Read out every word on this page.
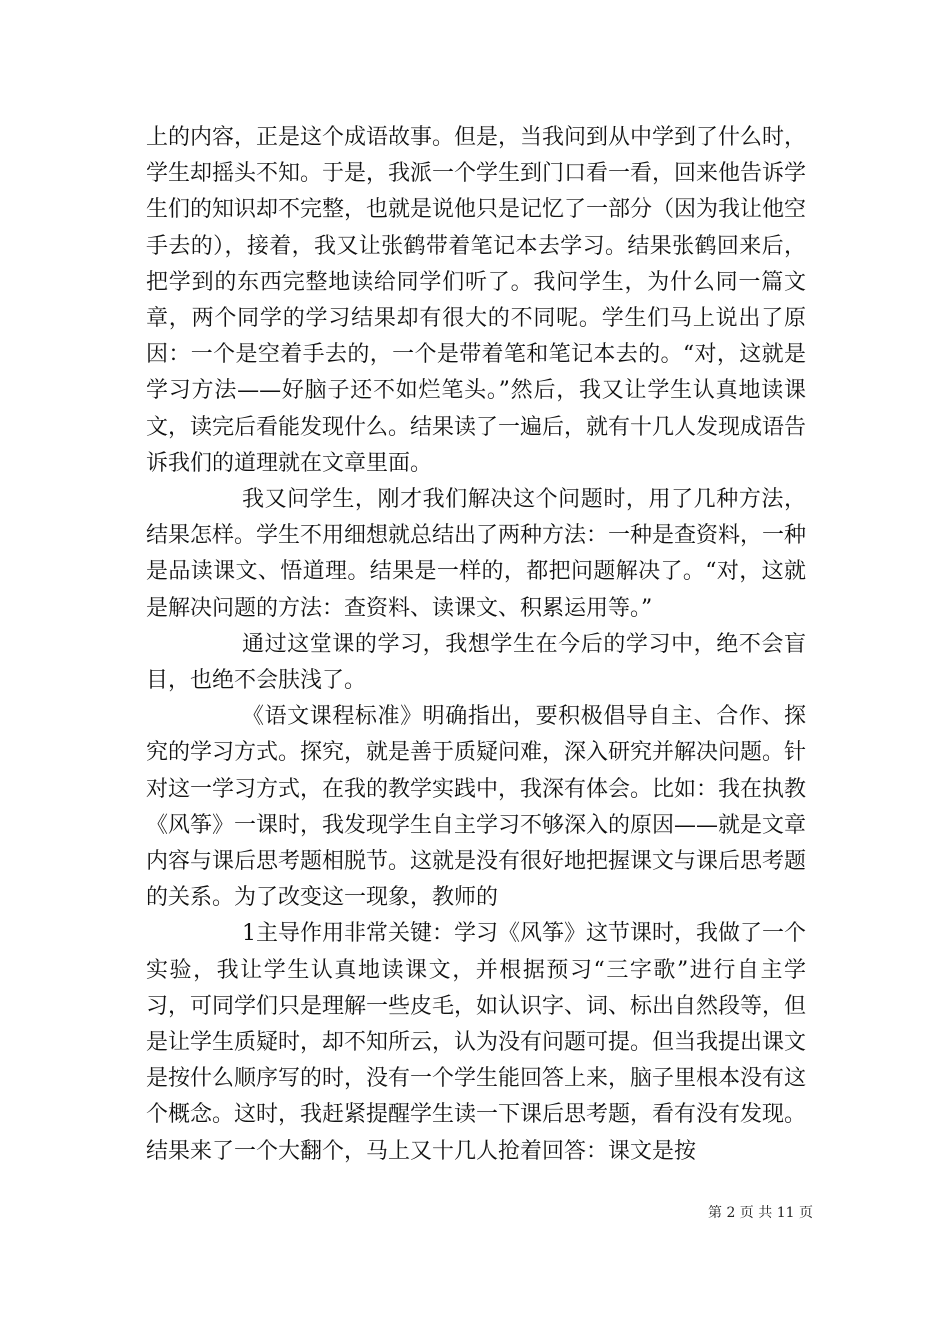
上的内容，正是这个成语故事。但是，当我问到从中学到了什么时，学生却摇头不知。于是，我派一个学生到门口看一看，回来他告诉学生们的知识却不完整，也就是说他只是记忆了一部分（因为我让他空手去的），接着，我又让张鹤带着笔记本去学习。结果张鹤回来后，把学到的东西完整地读给同学们听了。我问学生，为什么同一篇文章，两个同学的学习结果却有很大的不同呢。学生们马上说出了原因：一个是空着手去的，一个是带着笔和笔记本去的。“对，这就是学习方法——好脑子还不如烂笔头。”然后，我又让学生认真地读课文，读完后看能发现什么。结果读了一遍后，就有十几人发现成语告诉我们的道理就在文章里面。

我又问学生，刚才我们解决这个问题时，用了几种方法，结果怎样。学生不用细想就总结出了两种方法：一种是查资料，一种是品读课文、悟道理。结果是一样的，都把问题解决了。“对，这就是解决问题的方法：查资料、读课文、积累运用等。”

通过这堂课的学习，我想学生在今后的学习中，绝不会盲目，也绝不会肤浅了。

《语文课程标准》明确指出，要积极倡导自主、合作、探究的学习方式。探究，就是善于质疑问难，深入研究并解决问题。针对这一学习方式，在我的教学实践中，我深有体会。比如：我在执教《风筝》一课时，我发现学生自主学习不够深入的原因——就是文章内容与课后思考题相脱节。这就是没有很好地把握课文与课后思考题的关系。为了改变这一现象，教师的

1主导作用非常关键：学习《风筝》这节课时，我做了一个实验，我让学生认真地读课文，并根据预习“三字歌”进行自主学习，可同学们只是理解一些皮毛，如认识字、词、标出自然段等，但是让学生质疑时，却不知所云，认为没有问题可提。但当我提出课文是按什么顺序写的时，没有一个学生能回答上来，脑子里根本没有这个概念。这时，我赶紧提醒学生读一下课后思考题，看有没有发现。结果来了一个大翻个，马上又十几人抢着回答：课文是按

第 2 页 共 11 页
